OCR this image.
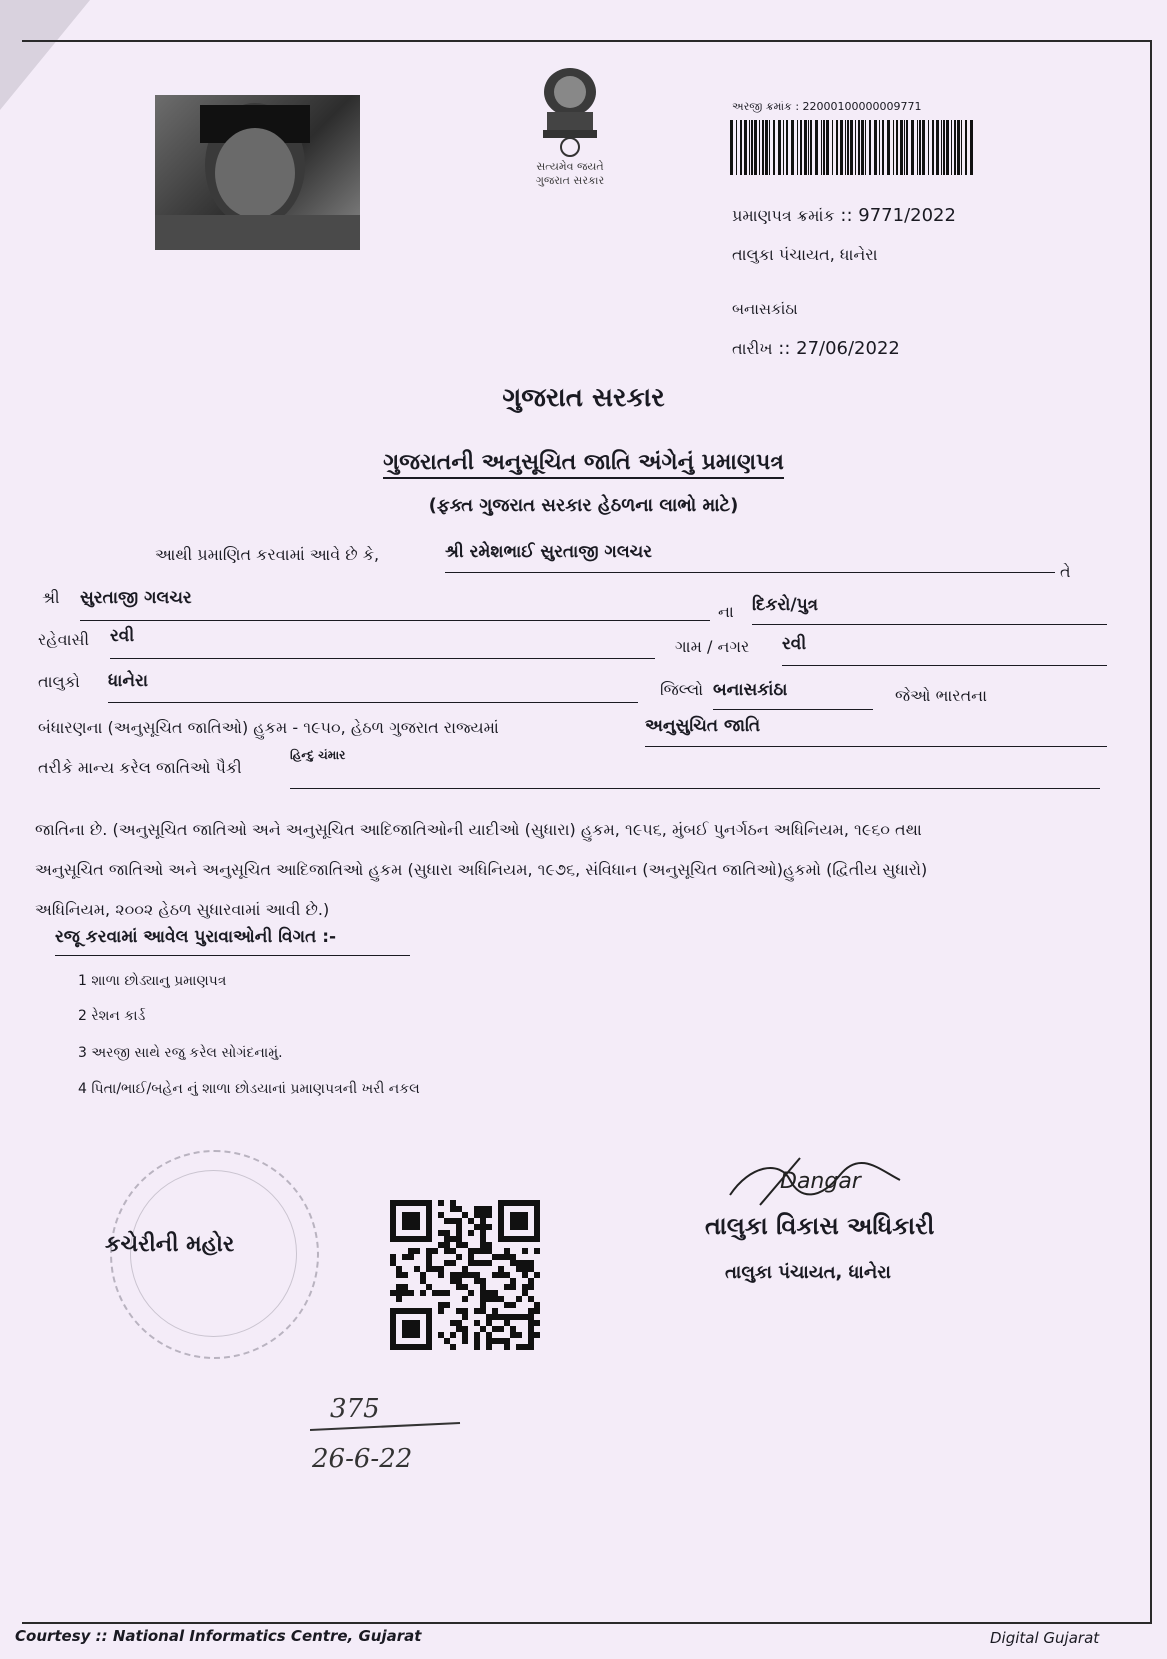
સત્યમેવ જયતે
ગુજરાત સરકાર
અરજી ક્રમાંક : 22000100000009771
પ્રમાણપત્ર ક્રમાંક :: 9771/2022
તાલુકા પંચાયત, ધાનેરા
બનાસકાંઠા
તારીખ :: 27/06/2022
ગુજરાત સરકાર
ગુજરાતની અનુસૂચિત જાતિ અંગેનું પ્રમાણપત્ર
(ફક્ત ગુજરાત સરકાર હેઠળના લાભો માટે)
આથી પ્રમાણિત કરવામાં આવે છે કે,	શ્રી રમેશભાઈ સુરતાજી ગલચર
તે
શ્રી સુરતાજી ગલચર
ના દિકરો/પુત્ર
રહેવાસી રવી
ગામ / નગર રવી
તાલુકો ધાનેરા	જિલ્લો બનાસકાંઠા	જેઓ ભારતના
બંધારણના (અનુસૂચિત જાતિઓ) હુકમ - ૧૯૫૦, હેઠળ ગુજરાત રાજ્યમાં	અનુસુચિત જાતિ
તરીકે માન્ય કરેલ જાતિઓ પૈકી
હિન્દુ ચંમાર
જાતિના છે. (અનુસૂચિત જાતિઓ અને અનુસૂચિત આદિજાતિઓની યાદીઓ (સુધારા) હુકમ, ૧૯૫૬, મુંબઈ પુનર્ગઠન અધિનિયમ, ૧૯૬૦ તથા
અનુસૂચિત જાતિઓ અને અનુસૂચિત આદિજાતિઓ હુકમ (સુધારા અધિનિયમ, ૧૯૭૬, સંવિધાન (અનુસૂચિત જાતિઓ)હુકમો (દ્વિતીય સુધારો)
અધિનિયમ, ૨૦૦૨ હેઠળ સુધારવામાં આવી છે.)
રજૂ કરવામાં આવેલ પુરાવાઓની વિગત :-
1 શાળા છોડ્યાનુ પ્રમાણપત્ર
2 રેશન કાર્ડ
3 અરજી સાથે રજુ કરેલ સોગંદનામું.
4 પિતા/ભાઈ/બહેન નું શાળા છોડયાનાં પ્રમાણપત્રની ખરી નકલ
કચેરીની મહોર
Dangar
તાલુકા વિકાસ અધિકારી
તાલુકા પંચાયત, ધાનેરા
375
26-6-22
Courtesy :: National Informatics Centre, Gujarat	Digital Gujarat
